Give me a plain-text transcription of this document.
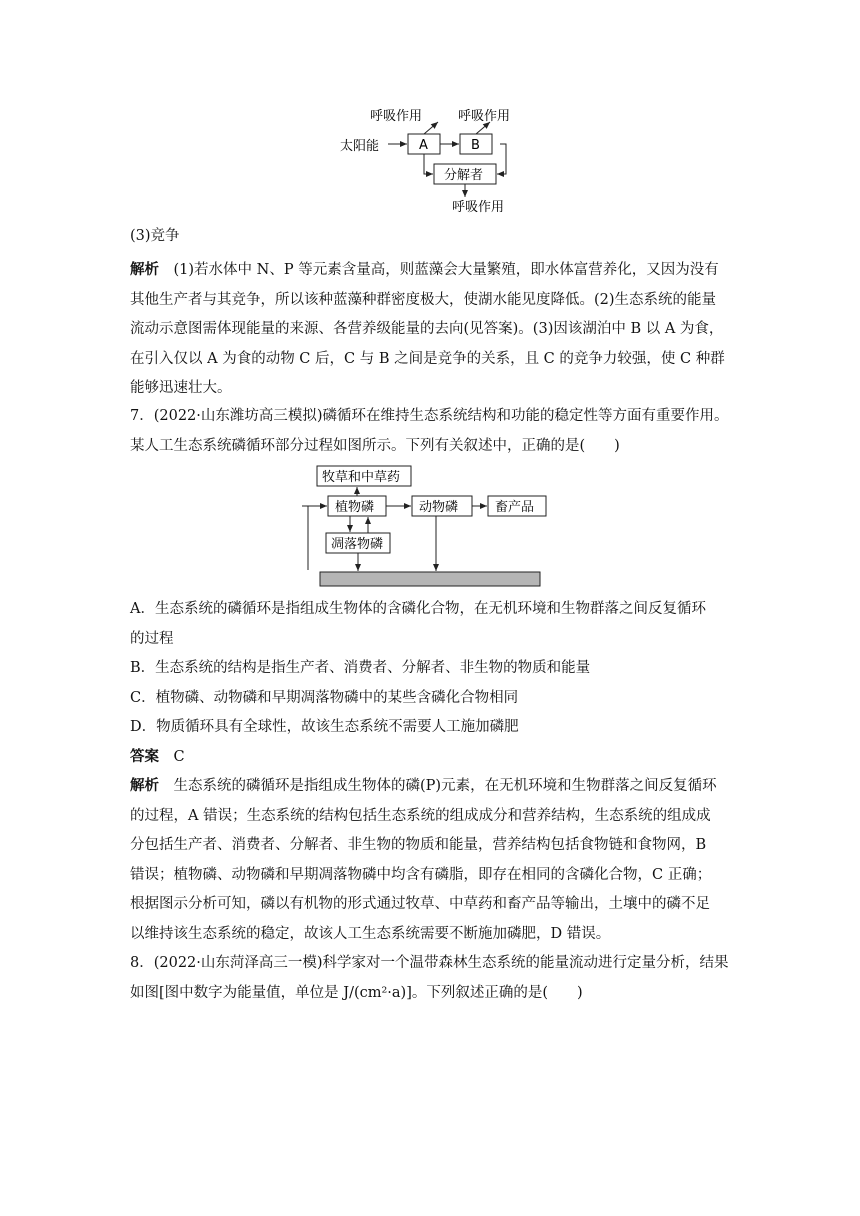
呼吸作用	呼吸作用
太阳能	A	B
分解者
呼吸作用
(3)竞争
解析　 (1)若水体中 N、P 等元素含量高，则蓝藻会大量繁殖，即水体富营养化，又因为没有
其他生产者与其竞争，所以该种蓝藻种群密度极大，使湖水能见度降低。(2)生态系统的能量
流动示意图需体现能量的来源、各营养级能量的去向(见答案)。(3)因该湖泊中 B 以 A 为食，
在引入仅以 A 为食的动物 C 后，C 与 B 之间是竞争的关系，且 C 的竞争力较强，使 C 种群
能够迅速壮大。
7．(2022·山东潍坊高三模拟)磷循环在维持生态系统结构和功能的稳定性等方面有重要作用。
某人工生态系统磷循环部分过程如图所示。下列有关叙述中，正确的是(　　)
牧草和中草药
植物磷	动物磷	畜产品
凋落物磷
A．生态系统的磷循环是指组成生物体的含磷化合物，在无机环境和生物群落之间反复循环
的过程
B．生态系统的结构是指生产者、消费者、分解者、非生物的物质和能量
C．植物磷、动物磷和早期凋落物磷中的某些含磷化合物相同
D．物质循环具有全球性，故该生态系统不需要人工施加磷肥
答案　 C
解析　 生态系统的磷循环是指组成生物体的磷(P)元素，在无机环境和生物群落之间反复循环
的过程，A 错误；生态系统的结构包括生态系统的组成成分和营养结构，生态系统的组成成
分包括生产者、消费者、分解者、非生物的物质和能量，营养结构包括食物链和食物网，B
错误；植物磷、动物磷和早期凋落物磷中均含有磷脂，即存在相同的含磷化合物，C 正确；
根据图示分析可知，磷以有机物的形式通过牧草、中草药和畜产品等输出，土壤中的磷不足
以维持该生态系统的稳定，故该人工生态系统需要不断施加磷肥，D 错误。
8．(2022·山东菏泽高三一模)科学家对一个温带森林生态系统的能量流动进行定量分析，结果
如图[图中数字为能量值，单位是 J/(cm²·a)]。下列叙述正确的是(　　)
